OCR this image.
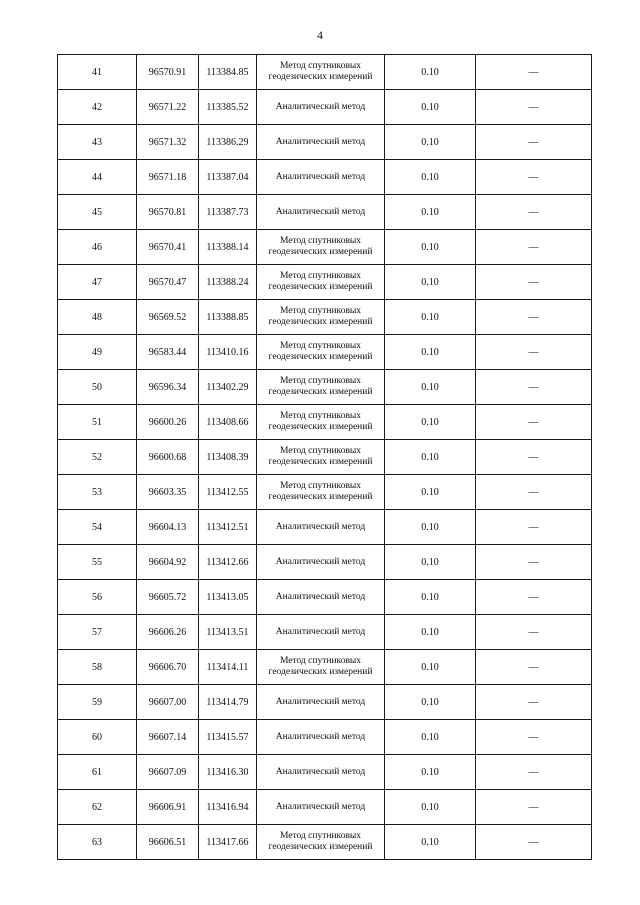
4
41	96570.91	113384.85	Метод спутниковых геодезических измерений	0.10	—
42	96571.22	113385.52	Аналитический метод	0.10	—
43	96571.32	113386.29	Аналитический метод	0.10	—
44	96571.18	113387.04	Аналитический метод	0.10	—
45	96570.81	113387.73	Аналитический метод	0.10	—
46	96570.41	113388.14	Метод спутниковых геодезических измерений	0.10	—
47	96570.47	113388.24	Метод спутниковых геодезических измерений	0.10	—
48	96569.52	113388.85	Метод спутниковых геодезических измерений	0.10	—
49	96583.44	113410.16	Метод спутниковых геодезических измерений	0.10	—
50	96596.34	113402.29	Метод спутниковых геодезических измерений	0.10	—
51	96600.26	113408.66	Метод спутниковых геодезических измерений	0.10	—
52	96600.68	113408.39	Метод спутниковых геодезических измерений	0.10	—
53	96603.35	113412.55	Метод спутниковых геодезических измерений	0.10	—
54	96604.13	113412.51	Аналитический метод	0.10	—
55	96604.92	113412.66	Аналитический метод	0.10	—
56	96605.72	113413.05	Аналитический метод	0.10	—
57	96606.26	113413.51	Аналитический метод	0.10	—
58	96606.70	113414.11	Метод спутниковых геодезических измерений	0.10	—
59	96607.00	113414.79	Аналитический метод	0.10	—
60	96607.14	113415.57	Аналитический метод	0.10	—
61	96607.09	113416.30	Аналитический метод	0.10	—
62	96606.91	113416.94	Аналитический метод	0.10	—
63	96606.51	113417.66	Метод спутниковых геодезических измерений	0.10	—
